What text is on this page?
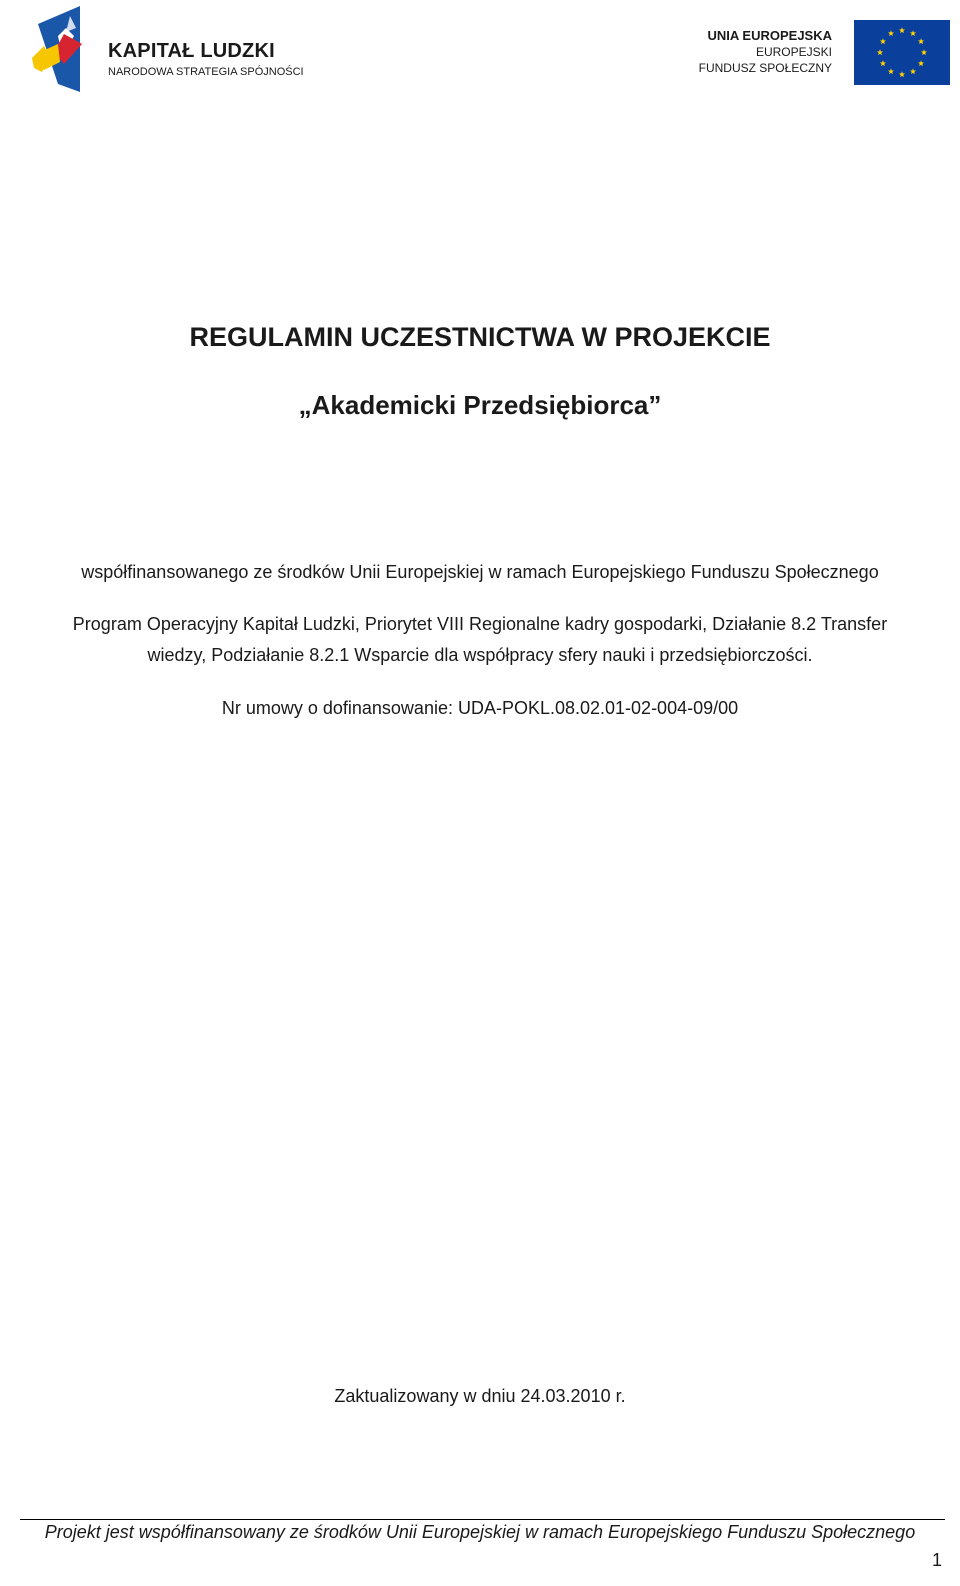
KAPITAŁ LUDZKI
NARODOWA STRATEGIA SPÓJNOŚCI
UNIA EUROPEJSKA
EUROPEJSKI
FUNDUSZ SPOŁECZNY
REGULAMIN UCZESTNICTWA W PROJEKCIE
„Akademicki Przedsiębiorca”
współfinansowanego ze środków Unii Europejskiej w ramach Europejskiego Funduszu Społecznego
Program Operacyjny Kapitał Ludzki, Priorytet VIII Regionalne kadry gospodarki, Działanie 8.2 Transfer
wiedzy, Podziałanie 8.2.1 Wsparcie dla współpracy sfery nauki i przedsiębiorczości.
Nr umowy o dofinansowanie: UDA-POKL.08.02.01-02-004-09/00
Zaktualizowany w dniu 24.03.2010 r.
Projekt jest współfinansowany ze środków Unii Europejskiej w ramach Europejskiego Funduszu Społecznego
1
